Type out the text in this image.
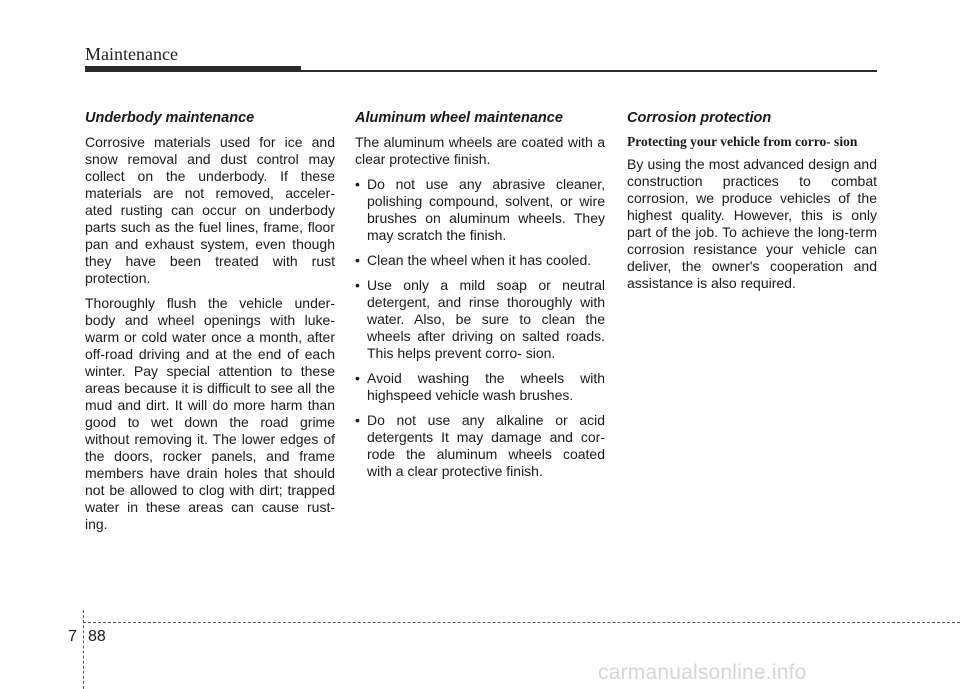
Maintenance
Underbody maintenance

Corrosive materials used for ice and snow removal and dust control may collect on the underbody. If these materials are not removed, acceler- ated rusting can occur on underbody parts such as the fuel lines, frame, floor pan and exhaust system, even though they have been treated with rust protection.

Thoroughly flush the vehicle under- body and wheel openings with luke- warm or cold water once a month, after off-road driving and at the end of each winter. Pay special attention to these areas because it is difficult to see all the mud and dirt. It will do more harm than good to wet down the road grime without removing it. The lower edges of the doors, rocker panels, and frame members have drain holes that should not be allowed to clog with dirt; trapped water in these areas can cause rust- ing.

Aluminum wheel maintenance

The aluminum wheels are coated with a clear protective finish.

• Do not use any abrasive cleaner, polishing compound, solvent, or wire brushes on aluminum wheels. They may scratch the finish.
• Clean the wheel when it has cooled.
• Use only a mild soap or neutral detergent, and rinse thoroughly with water. Also, be sure to clean the wheels after driving on salted roads. This helps prevent corro- sion.
• Avoid washing the wheels with highspeed vehicle wash brushes.
• Do not use any alkaline or acid detergents It may damage and cor- rode the aluminum wheels coated with a clear protective finish.
Corrosion protection

Protecting your vehicle from corro- sion

By using the most advanced design and construction practices to combat corrosion, we produce vehicles of the highest quality. However, this is only part of the job. To achieve the long-term corrosion resistance your vehicle can deliver, the owner's cooperation and assistance is also required.

7 88
carmanualsonline.info
